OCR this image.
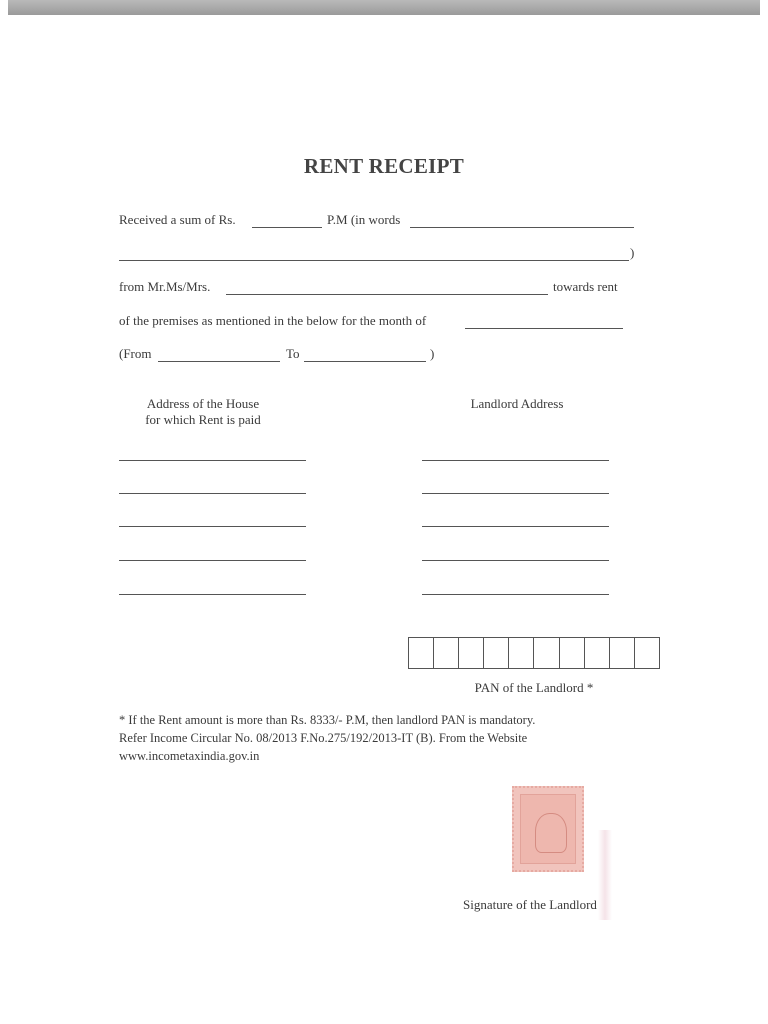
RENT RECEIPT
Received a sum of Rs.	P.M (in words
)
from Mr.Ms/Mrs.	towards rent
of the premises as mentioned in the below for the month of
(From	To	)
Address of the House
for which Rent is paid
Landlord Address
PAN of the Landlord *
* If the Rent amount is more than Rs. 8333/- P.M, then landlord PAN is mandatory.
Refer Income Circular No. 08/2013 F.No.275/192/2013-IT (B). From the Website
www.incometaxindia.gov.in
Signature of the Landlord
